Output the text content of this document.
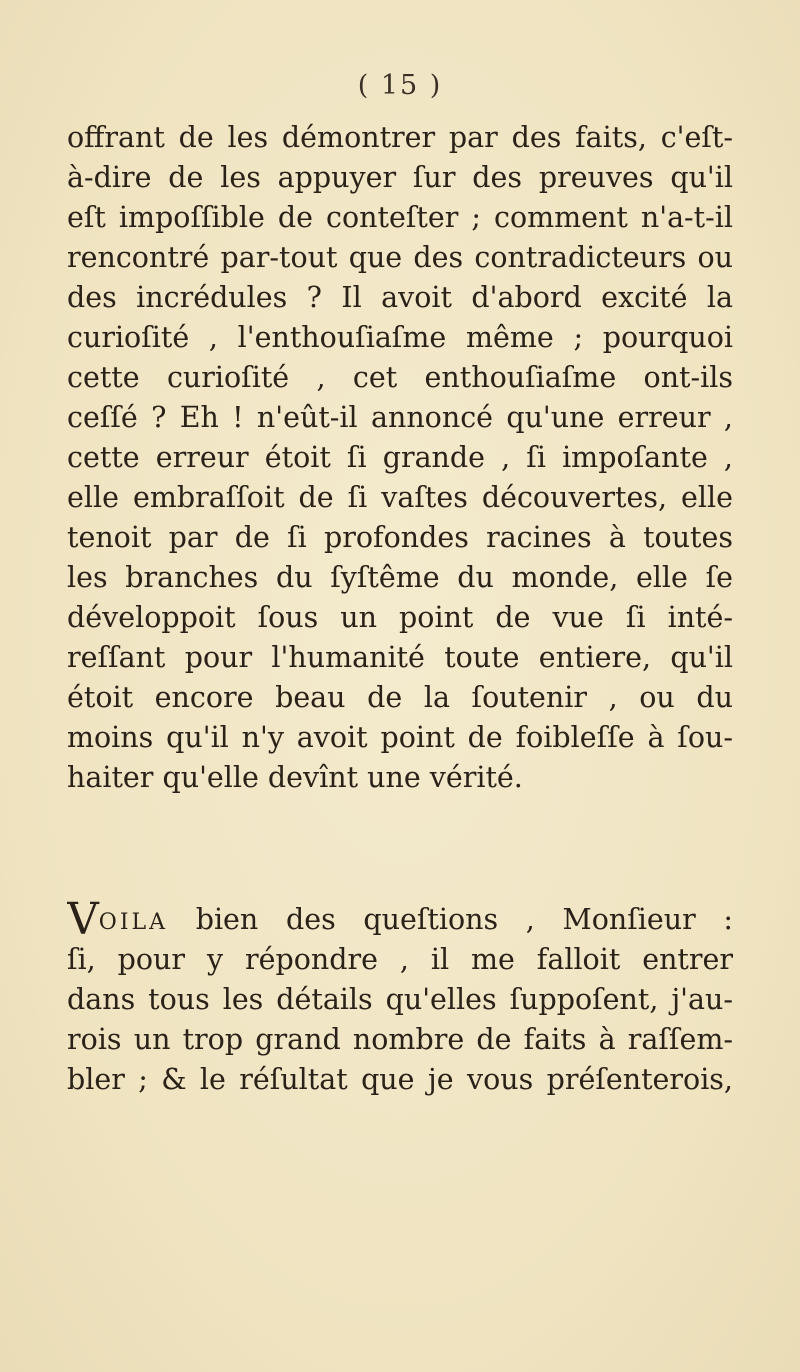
( 15 )
offrant de les démontrer par des faits, c'eſt-
à-dire de les appuyer ſur des preuves qu'il
eſt impoſſible de conteſter ; comment n'a-t-il
rencontré par-tout que des contradicteurs ou
des incrédules ? Il avoit d'abord excité la
curioſité , l'enthouſiaſme même ; pourquoi
cette curioſité , cet enthouſiaſme ont-ils
ceſſé ? Eh ! n'eût-il annoncé qu'une erreur ,
cette erreur étoit ſi grande , ſi impoſante ,
elle embraſſoit de ſi vaſtes découvertes, elle
tenoit par de ſi profondes racines à toutes
les branches du ſyſtême du monde, elle ſe
développoit ſous un point de vue ſi inté-
reſſant pour l'humanité toute entiere, qu'il
étoit encore beau de la ſoutenir , ou du
moins qu'il n'y avoit point de foibleſſe à ſou-
haiter qu'elle devînt une vérité.
VOILA bien des queſtions , Monſieur :
ſi, pour y répondre , il me falloit entrer
dans tous les détails qu'elles ſuppoſent, j'au-
rois un trop grand nombre de faits à raſſem-
bler ; & le réſultat que je vous préſenterois,
